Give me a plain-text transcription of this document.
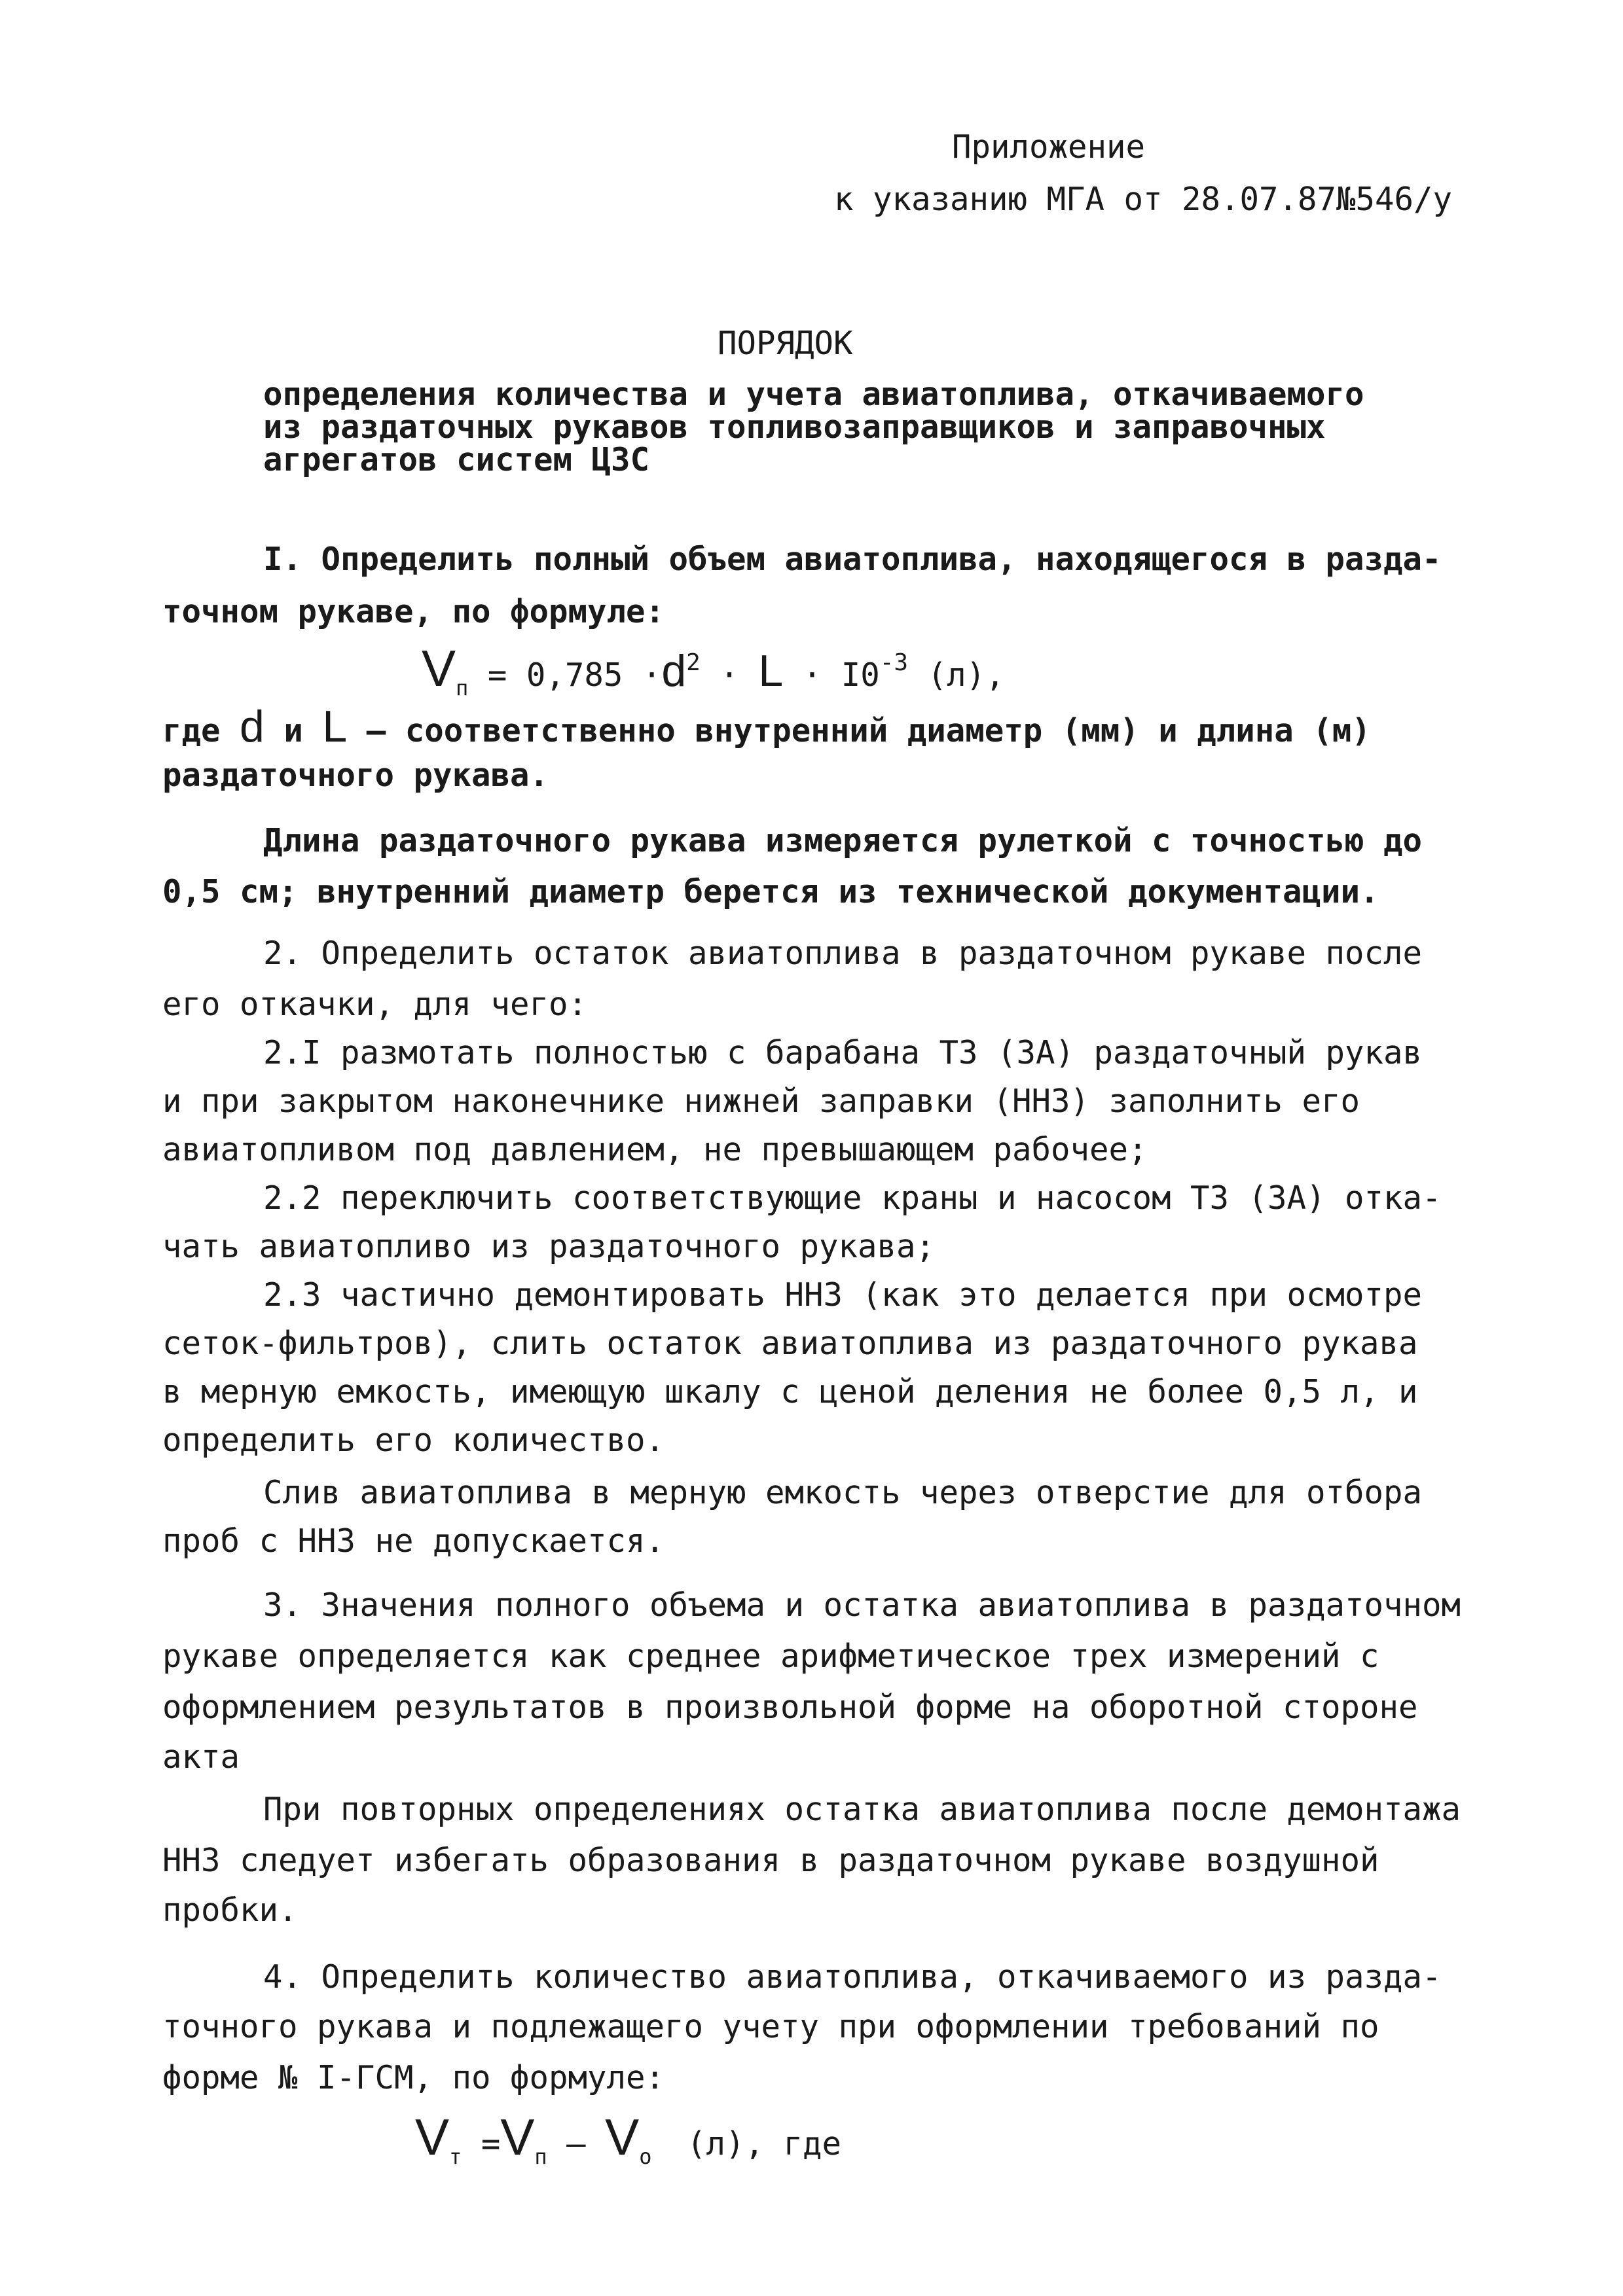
Приложение
к указанию МГА от 28.07.87№546/у
ПОРЯДОК
определения количества и учета авиатоплива, откачиваемого
из раздаточных рукавов топливозаправщиков и заправочных
агрегатов систем ЦЗС
I. Определить полный объем авиатоплива, находящегося в разда-
точном рукаве, по формуле:
$V_п = 0,785 \cdot d^2 \cdot L \cdot I0^{-3}$ (л),
где d и L – соответственно внутренний диаметр (мм) и длина (м)
раздаточного рукава.
Длина раздаточного рукава измеряется рулеткой с точностью до
0,5 см; внутренний диаметр берется из технической документации.
2. Определить остаток авиатоплива в раздаточном рукаве после
его откачки, для чего:
2.I размотать полностью с барабана ТЗ (ЗА) раздаточный рукав
и при закрытом наконечнике нижней заправки (ННЗ) заполнить его
авиатопливом под давлением, не превышающем рабочее;
2.2 переключить соответствующие краны и насосом ТЗ (ЗА) отка-
чать авиатопливо из раздаточного рукава;
2.3 частично демонтировать ННЗ (как это делается при осмотре
сеток-фильтров), слить остаток авиатоплива из раздаточного рукава
в мерную емкость, имеющую шкалу с ценой деления не более 0,5 л, и
определить его количество.
Слив авиатоплива в мерную емкость через отверстие для отбора
проб с ННЗ не допускается.
3. Значения полного объема и остатка авиатоплива в раздаточном
рукаве определяется как среднее арифметическое трех измерений с
оформлением результатов в произвольной форме на оборотной стороне
акта
При повторных определениях остатка авиатоплива после демонтажа
ННЗ следует избегать образования в раздаточном рукаве воздушной
пробки.
4. Определить количество авиатоплива, откачиваемого из разда-
точного рукава и подлежащего учету при оформлении требований по
форме № I-ГСМ, по формуле:
$V_т =V_п - V_о$ (л), где
